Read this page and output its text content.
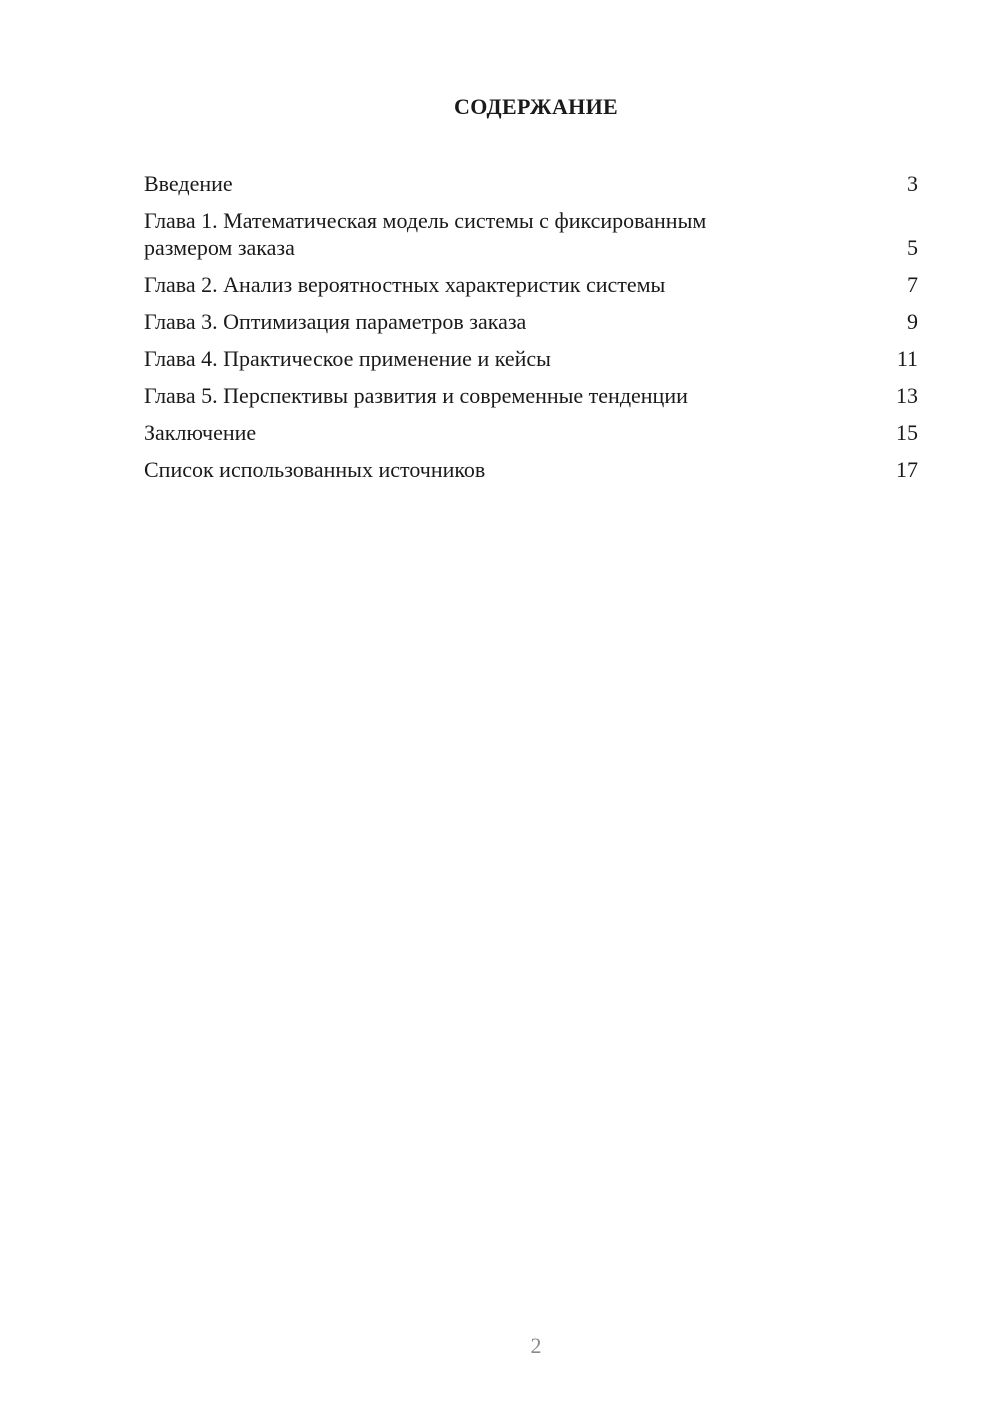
СОДЕРЖАНИЕ
Введение	3
Глава 1. Математическая модель системы с фиксированным размером заказа	5
Глава 2. Анализ вероятностных характеристик системы	7
Глава 3. Оптимизация параметров заказа	9
Глава 4. Практическое применение и кейсы	11
Глава 5. Перспективы развития и современные тенденции	13
Заключение	15
Список использованных источников	17
2
